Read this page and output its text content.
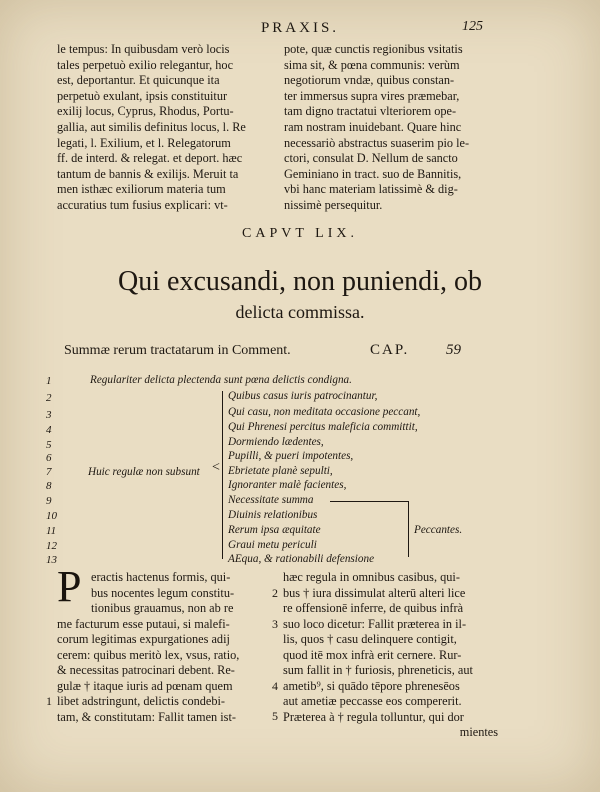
PRAXIS.	125
le tempus: In quibusdam verò locis
tales perpetuò exilio relegantur, hoc
est, deportantur. Et quicunque ita
perpetuò exulant, ipsis constituitur
exilij locus, Cyprus, Rhodus, Portu-
gallia, aut similis definitus locus, l. Re
legati, l. Exilium, et l. Relegatorum
ff. de interd. & relegat. et deport. hæc
tantum de bannis & exilijs. Meruit ta
men isthæc exiliorum materia tum
accuratius tum fusius explicari: vt-
pote, quæ cunctis regionibus vsitatis
sima sit, & pœna communis: verùm
negotiorum vndæ, quibus constan-
ter immersus supra vires præmebar,
tam digno tractatui vlteriorem ope-
ram nostram inuidebant. Quare hinc
necessariò abstractus suaserim pio le-
ctori, consulat D. Nellum de sancto
Geminiano in tract. suo de Bannitis,
vbi hanc materiam latissimè & dig-
nissimè persequitur.
CAPVT LIX.
Qui excusandi, non puniendi, ob
delicta commissa.
Summæ rerum tractatarum in Comment.	CAP. 59
1
2
3
4
5
6
7
8
9
10
11
12
13
Regulariter delicta plectenda sunt pœna delictis condigna.
<
Huic regulæ non subsunt
Quibus casus iuris patrocinantur,
Qui casu, non meditata occasione peccant,
Qui Phrenesi percitus maleficia committit,
Dormiendo lædentes,
Pupilli, & pueri impotentes,
Ebrietate planè sepulti,
Ignoranter malè facientes,
Necessitate summa
Diuinis relationibus
Rerum ipsa æquitate
Graui metu periculi
AEqua, & rationabili defensione
Peccantes.
P eractis hactenus formis, qui-
bus nocentes legum constitu-
tionibus grauamus, non ab re
me facturum esse putaui, si malefi-
corum legitimas expurgationes adij
cerem: quibus meritò lex, vsus, ratio,
& necessitas patrocinari debent. Re-
gulæ † itaque iuris ad pœnam quem
libet adstringunt, delictis condebi-
tam, & constitutam: Fallit tamen ist-
hæc regula in omnibus casibus, qui-
bus † iura dissimulat alterū alteri lice
re offensionē inferre, de quibus infrà
suo loco dicetur: Fallit præterea in il-
lis, quos † casu delinquere contigit,
quod itē mox infrà erit cernere. Rur-
sum fallit in † furiosis, phreneticis, aut
ametib⁹, si quādo tēpore phrenesēos
aut ametiæ peccasse eos compererit.
Præterea à † regula tolluntur, qui dor
mientes
2
3
4
1
5
